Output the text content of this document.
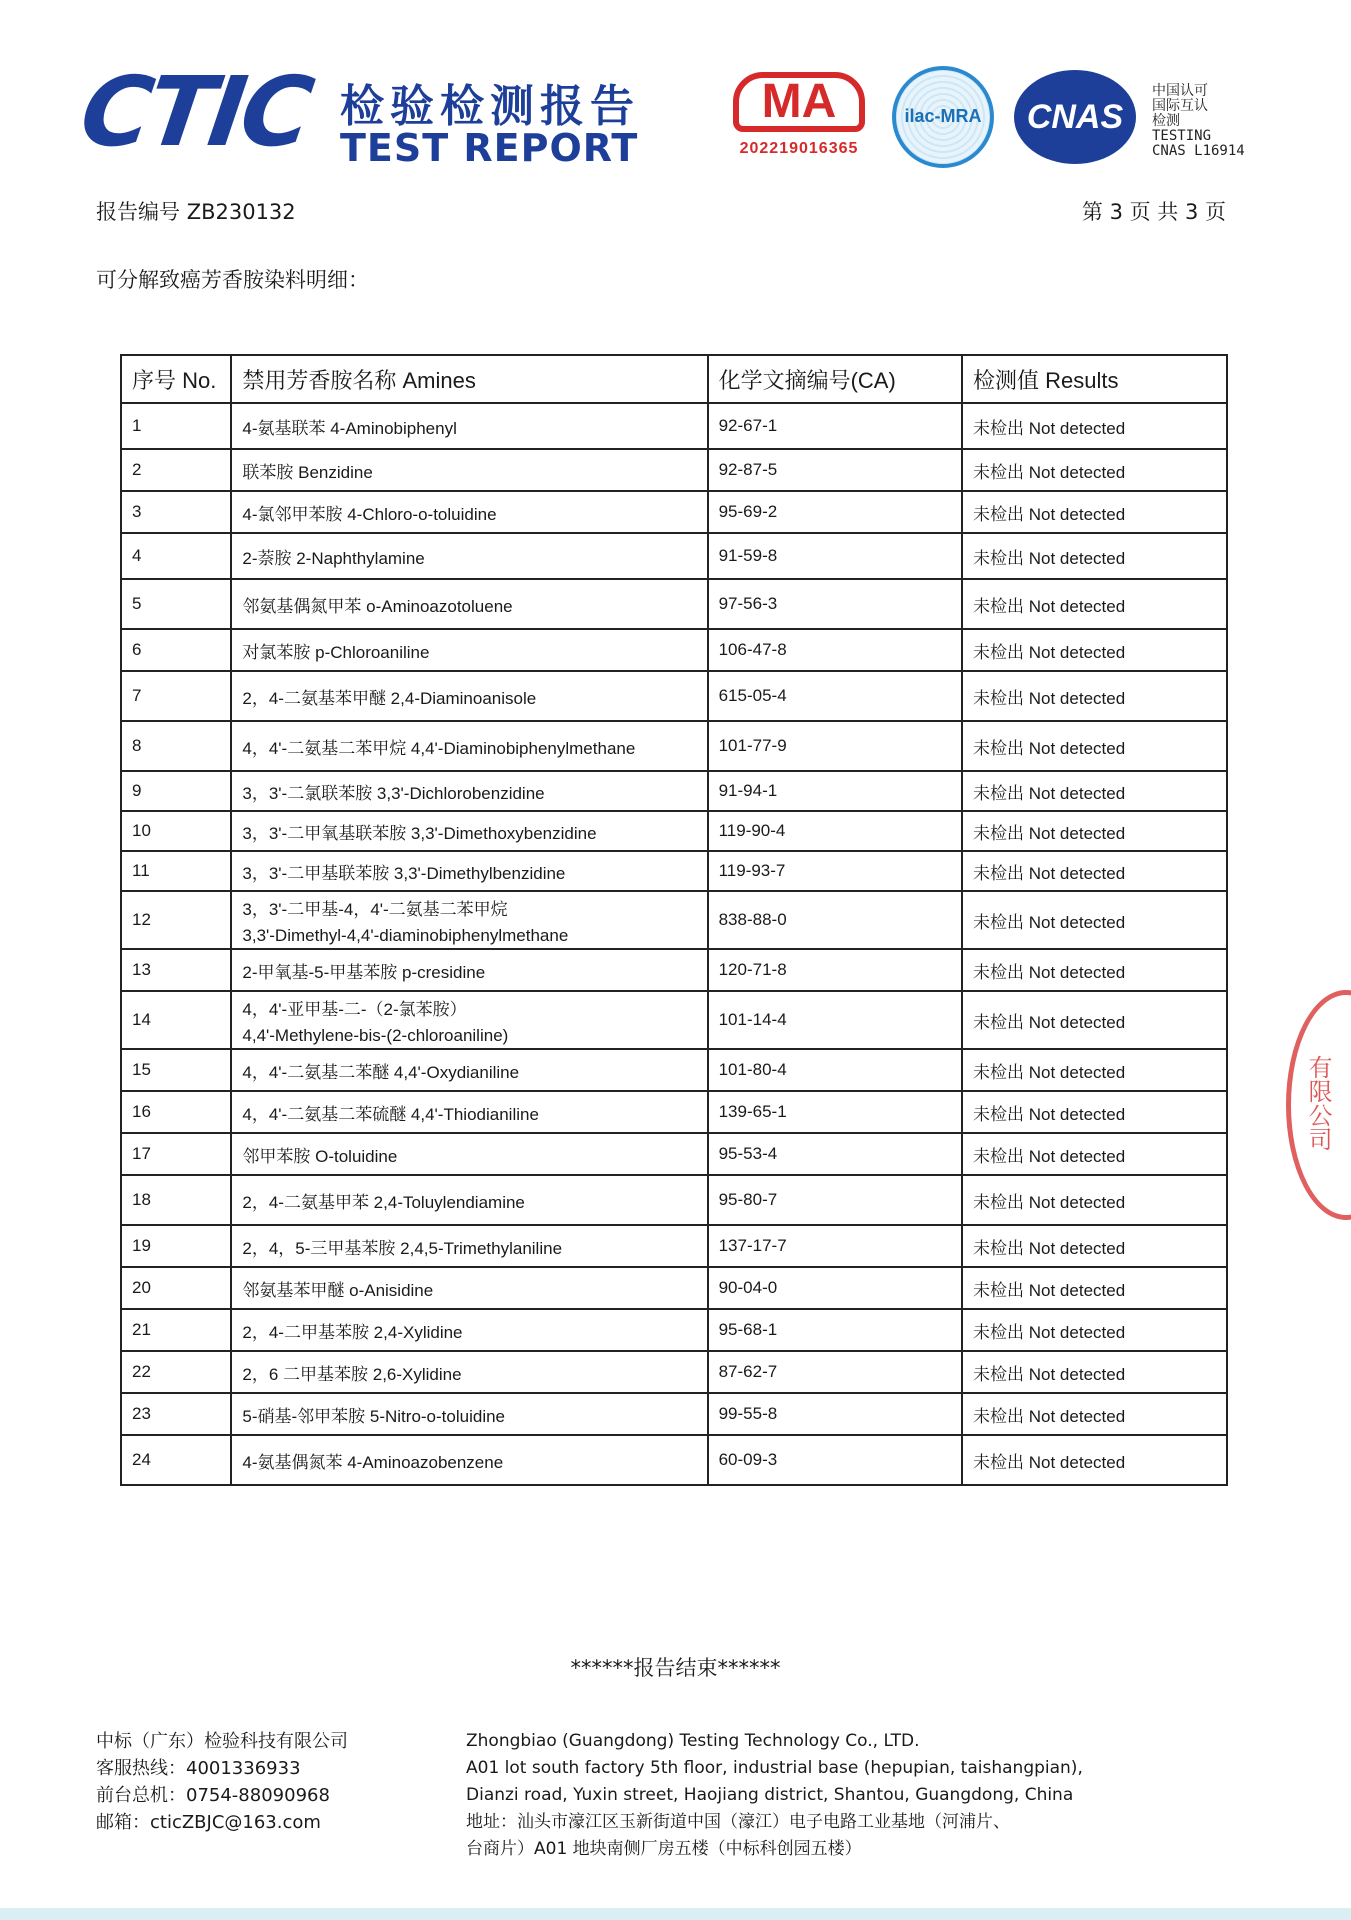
CTIC 检验检测报告
TEST REPORT
MA
202219016365
ilac-MRA	CNAS
中国认可
国际互认
检测
TESTING
CNAS L16914
报告编号 ZB230132	第 3 页 共 3 页
可分解致癌芳香胺染料明细：
序号 No.	禁用芳香胺名称 Amines	化学文摘编号(CA)	检测值 Results
1	4-氨基联苯 4-Aminobiphenyl	92-67-1	未检出 Not detected
2	联苯胺 Benzidine	92-87-5	未检出 Not detected
3	4-氯邻甲苯胺 4-Chloro-o-toluidine	95-69-2	未检出 Not detected
4	2-萘胺 2-Naphthylamine	91-59-8	未检出 Not detected
5	邻氨基偶氮甲苯 o-Aminoazotoluene	97-56-3	未检出 Not detected
6	对氯苯胺 p-Chloroaniline	106-47-8	未检出 Not detected
7	2，4-二氨基苯甲醚 2,4-Diaminoanisole	615-05-4	未检出 Not detected
8	4，4'-二氨基二苯甲烷 4,4'-Diaminobiphenylmethane	101-77-9	未检出 Not detected
9	3，3'-二氯联苯胺 3,3'-Dichlorobenzidine	91-94-1	未检出 Not detected
10	3，3'-二甲氧基联苯胺 3,3'-Dimethoxybenzidine	119-90-4	未检出 Not detected
11	3，3'-二甲基联苯胺 3,3'-Dimethylbenzidine	119-93-7	未检出 Not detected
12	3，3'-二甲基-4，4'-二氨基二苯甲烷
3,3'-Dimethyl-4,4'-diaminobiphenylmethane	838-88-0	未检出 Not detected
13	2-甲氧基-5-甲基苯胺 p-cresidine	120-71-8	未检出 Not detected
14	4，4'-亚甲基-二-（2-氯苯胺）
4,4'-Methylene-bis-(2-chloroaniline)	101-14-4	未检出 Not detected
15	4，4'-二氨基二苯醚 4,4'-Oxydianiline	101-80-4	未检出 Not detected
16	4，4'-二氨基二苯硫醚 4,4'-Thiodianiline	139-65-1	未检出 Not detected
17	邻甲苯胺 O-toluidine	95-53-4	未检出 Not detected
18	2，4-二氨基甲苯 2,4-Toluylendiamine	95-80-7	未检出 Not detected
19	2，4，5-三甲基苯胺 2,4,5-Trimethylaniline	137-17-7	未检出 Not detected
20	邻氨基苯甲醚 o-Anisidine	90-04-0	未检出 Not detected
21	2，4-二甲基苯胺 2,4-Xylidine	95-68-1	未检出 Not detected
22	2，6 二甲基苯胺 2,6-Xylidine	87-62-7	未检出 Not detected
23	5-硝基-邻甲苯胺 5-Nitro-o-toluidine	99-55-8	未检出 Not detected
24	4-氨基偶氮苯 4-Aminoazobenzene	60-09-3	未检出 Not detected
******报告结束******
中标（广东）检验科技有限公司
客服热线：4001336933
前台总机：0754-88090968
邮箱：cticZBJC@163.com
Zhongbiao (Guangdong) Testing Technology Co., LTD.
A01 lot south factory 5th floor, industrial base (hepupian, taishangpian),
Dianzi road, Yuxin street, Haojiang district, Shantou, Guangdong, China
地址：汕头市濠江区玉新街道中国（濠江）电子电路工业基地（河浦片、
台商片）A01 地块南侧厂房五楼（中标科创园五楼）
有限公司
